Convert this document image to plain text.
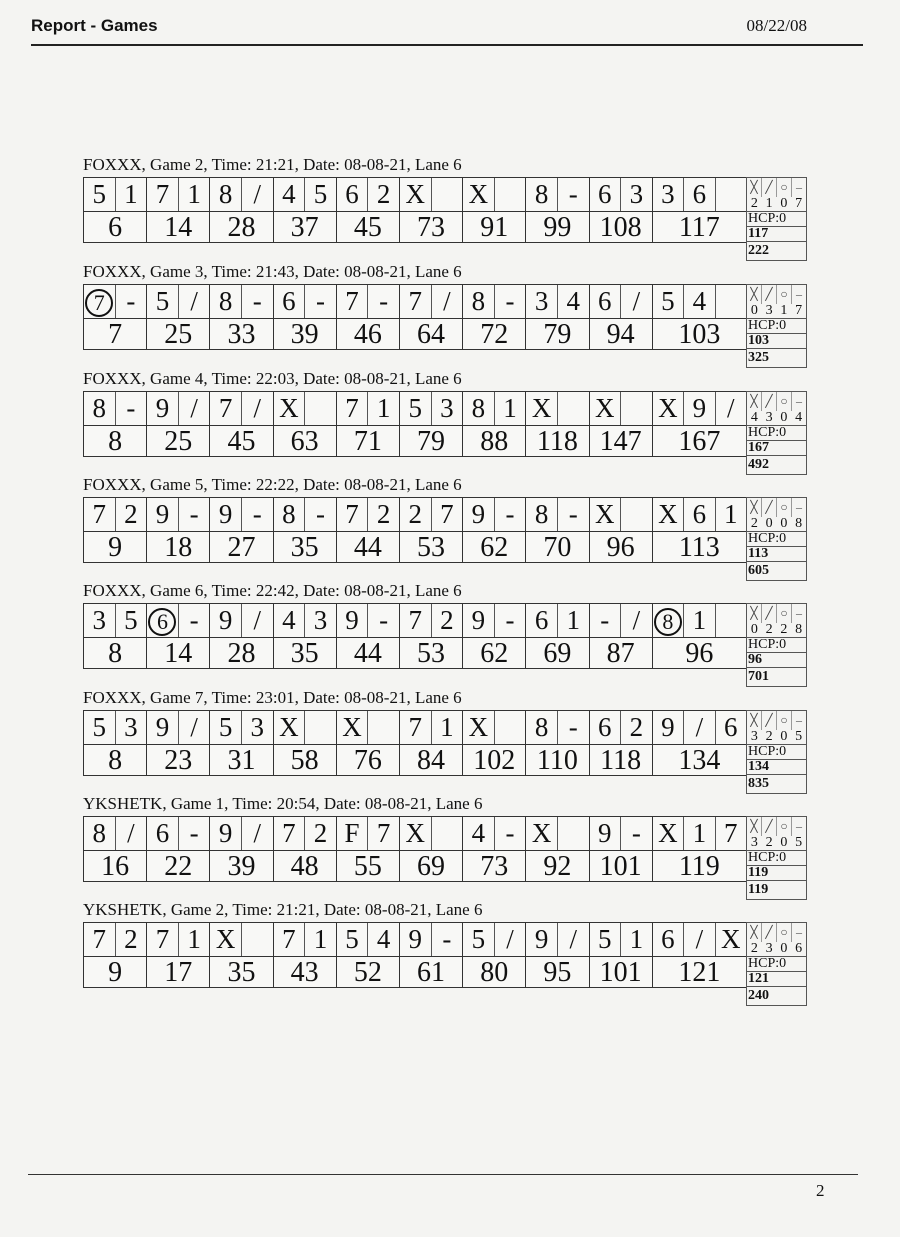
Report - Games	08/22/08
FOXXX, Game 2, Time: 21:21, Date: 08-08-21, Lane 6
5 1
6
7 1
14
8 /
28
4 5
37
6 2
45
X
73
X
91
8 -
99
6 3
108
3 6
117
╳ ╱ ○ –
2 1 0 7
HCP:0
117
222
FOXXX, Game 3, Time: 21:43, Date: 08-08-21, Lane 6
7 -
7
5 /
25
8 -
33
6 -
39
7 -
46
7 /
64
8 -
72
3 4
79
6 /
94
5 4
103
╳ ╱ ○ –
0 3 1 7
HCP:0
103
325
FOXXX, Game 4, Time: 22:03, Date: 08-08-21, Lane 6
8 -
8
9 /
25
7 /
45
X
63
7 1
71
5 3
79
8 1
88
X
118
X
147
X 9 /
167
╳ ╱ ○ –
4 3 0 4
HCP:0
167
492
FOXXX, Game 5, Time: 22:22, Date: 08-08-21, Lane 6
7 2
9
9 -
18
9 -
27
8 -
35
7 2
44
2 7
53
9 -
62
8 -
70
X
96
X 6 1
113
╳ ╱ ○ –
2 0 0 8
HCP:0
113
605
FOXXX, Game 6, Time: 22:42, Date: 08-08-21, Lane 6
3 5
8
6 -
14
9 /
28
4 3
35
9 -
44
7 2
53
9 -
62
6 1
69
- /
87
8 1
96
╳ ╱ ○ –
0 2 2 8
HCP:0
96
701
FOXXX, Game 7, Time: 23:01, Date: 08-08-21, Lane 6
5 3
8
9 /
23
5 3
31
X
58
X
76
7 1
84
X
102
8 -
110
6 2
118
9 / 6
134
╳ ╱ ○ –
3 2 0 5
HCP:0
134
835
YKSHETK, Game 1, Time: 20:54, Date: 08-08-21, Lane 6
8 /
16
6 -
22
9 /
39
7 2
48
F 7
55
X
69
4 -
73
X
92
9 -
101
X 1 7
119
╳ ╱ ○ –
3 2 0 5
HCP:0
119
119
YKSHETK, Game 2, Time: 21:21, Date: 08-08-21, Lane 6
7 2
9
7 1
17
X
35
7 1
43
5 4
52
9 -
61
5 /
80
9 /
95
5 1
101
6 / X
121
╳ ╱ ○ –
2 3 0 6
HCP:0
121
240
2
